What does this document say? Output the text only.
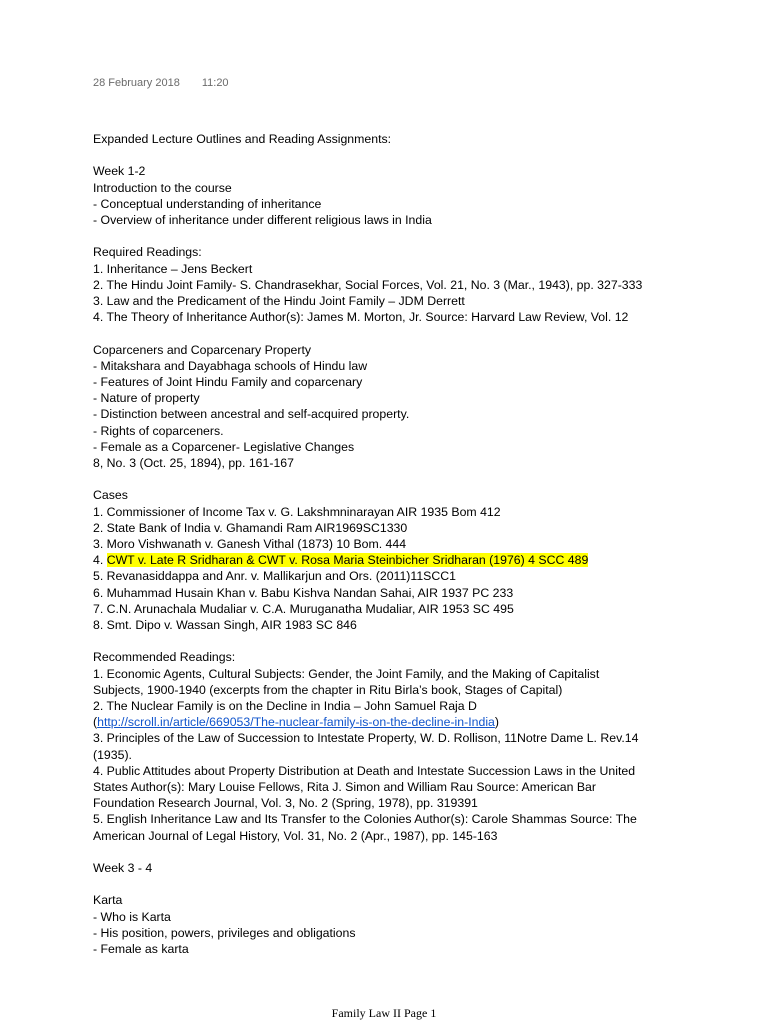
28 February 2018 11:20
Expanded Lecture Outlines and Reading Assignments:
Week 1-2
Introduction to the course
- Conceptual understanding of inheritance
- Overview of inheritance under different religious laws in India
Required Readings:
1. Inheritance – Jens Beckert
2. The Hindu Joint Family- S. Chandrasekhar, Social Forces, Vol. 21, No. 3 (Mar., 1943), pp. 327-333
3. Law and the Predicament of the Hindu Joint Family – JDM Derrett
4. The Theory of Inheritance Author(s): James M. Morton, Jr. Source: Harvard Law Review, Vol. 12
Coparceners and Coparcenary Property
- Mitakshara and Dayabhaga schools of Hindu law
- Features of Joint Hindu Family and coparcenary
- Nature of property
- Distinction between ancestral and self-acquired property.
- Rights of coparceners.
- Female as a Coparcener- Legislative Changes
8, No. 3 (Oct. 25, 1894), pp. 161-167
Cases
1. Commissioner of Income Tax v. G. Lakshmninarayan AIR 1935 Bom 412
2. State Bank of India v. Ghamandi Ram AIR1969SC1330
3. Moro Vishwanath v. Ganesh Vithal (1873) 10 Bom. 444
4. CWT v. Late R Sridharan & CWT v. Rosa Maria Steinbicher Sridharan (1976) 4 SCC 489
5. Revanasiddappa and Anr. v. Mallikarjun and Ors. (2011)11SCC1
6. Muhammad Husain Khan v. Babu Kishva Nandan Sahai, AIR 1937 PC 233
7. C.N. Arunachala Mudaliar v. C.A. Muruganatha Mudaliar, AIR 1953 SC 495
8. Smt. Dipo v. Wassan Singh, AIR 1983 SC 846
Recommended Readings:
1. Economic Agents, Cultural Subjects: Gender, the Joint Family, and the Making of Capitalist
Subjects, 1900-1940 (excerpts from the chapter in Ritu Birla’s book, Stages of Capital)
2. The Nuclear Family is on the Decline in India – John Samuel Raja D
(http://scroll.in/article/669053/The-nuclear-family-is-on-the-decline-in-India)
3. Principles of the Law of Succession to Intestate Property, W. D. Rollison, 11Notre Dame L. Rev.14
(1935).
4. Public Attitudes about Property Distribution at Death and Intestate Succession Laws in the United
States Author(s): Mary Louise Fellows, Rita J. Simon and William Rau Source: American Bar
Foundation Research Journal, Vol. 3, No. 2 (Spring, 1978), pp. 319391
5. English Inheritance Law and Its Transfer to the Colonies Author(s): Carole Shammas Source: The
American Journal of Legal History, Vol. 31, No. 2 (Apr., 1987), pp. 145-163
Week 3 - 4
Karta
- Who is Karta
- His position, powers, privileges and obligations
- Female as karta
Family Law II Page 1
